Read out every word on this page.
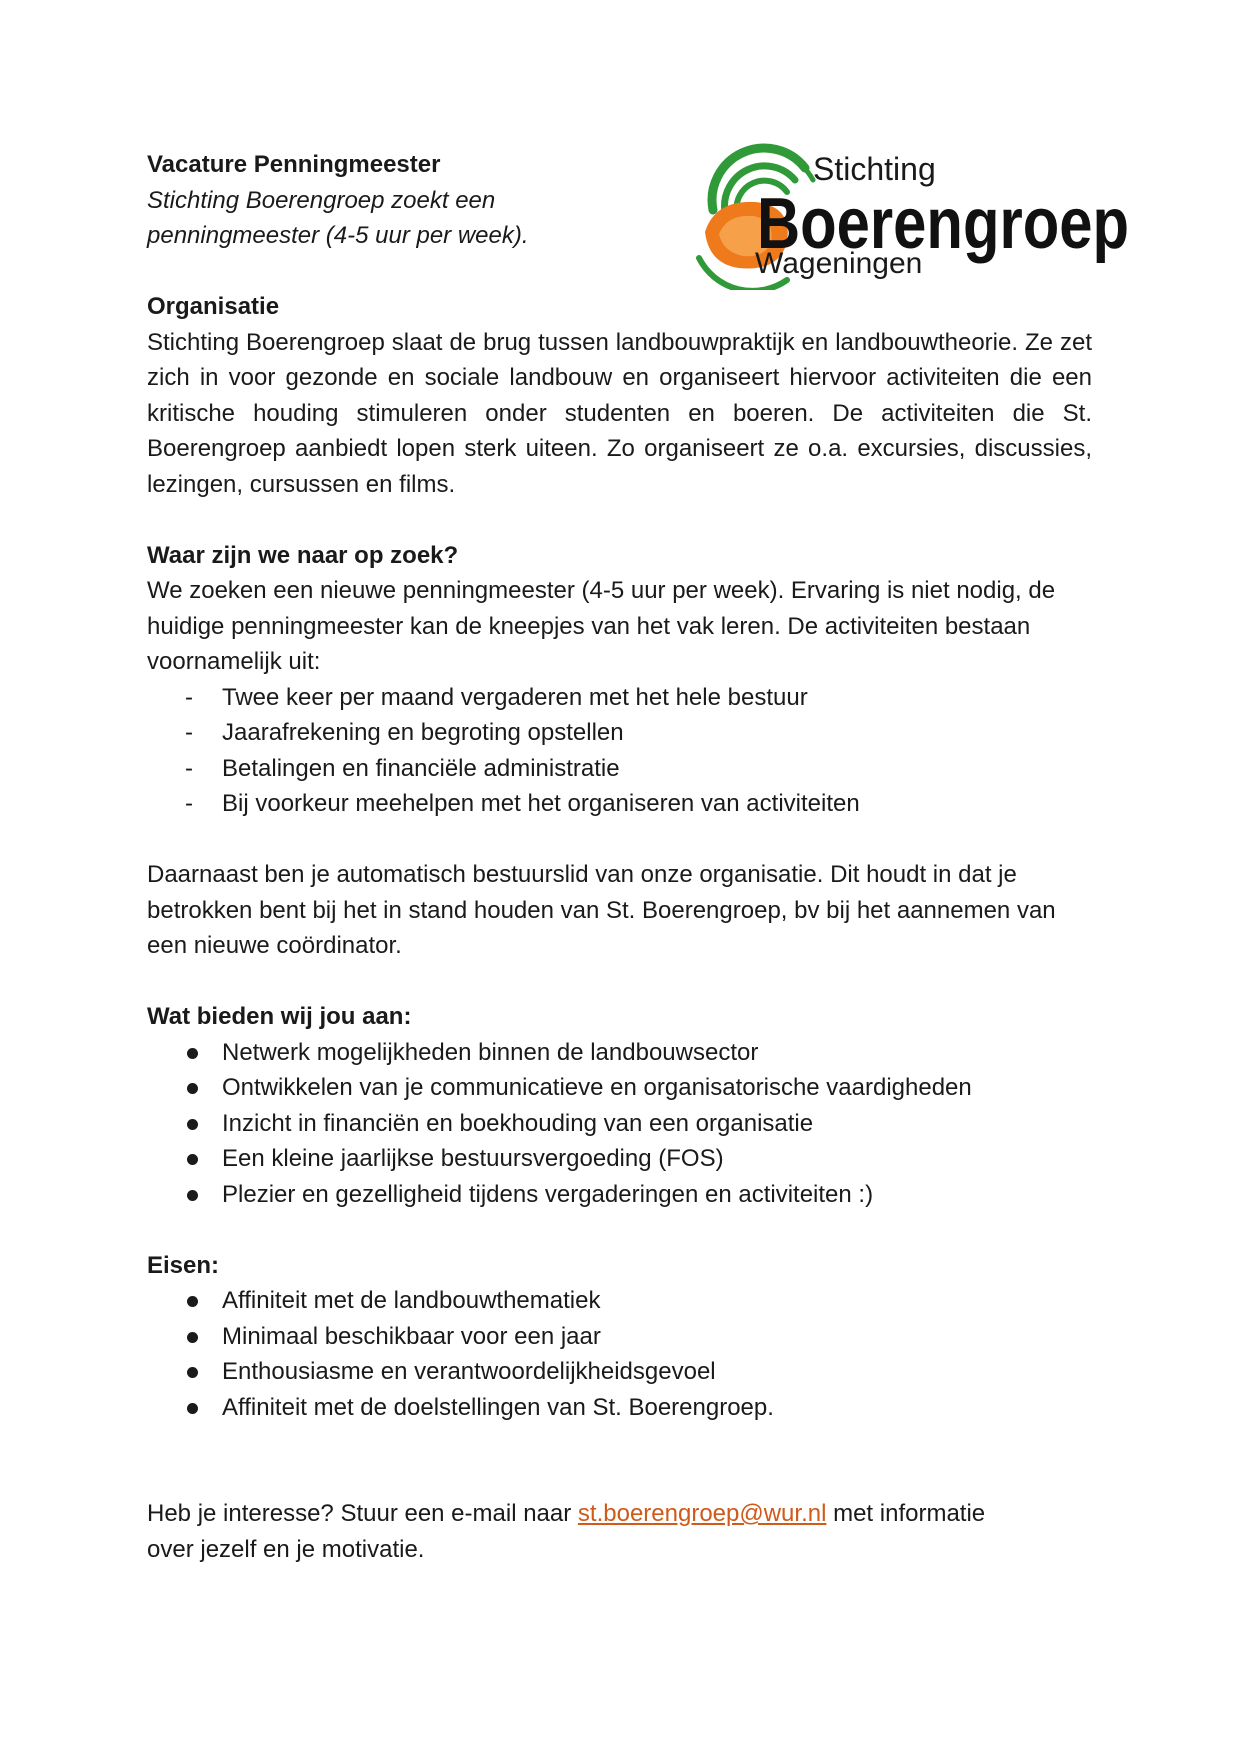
Stichting
Boerengroep
Wageningen

Vacature Penningmeester

Stichting Boerengroep zoekt een

penningmeester (4-5 uur per week).

Organisatie

Stichting Boerengroep slaat de brug tussen landbouwpraktijk en landbouwtheorie. Ze zet zich in voor gezonde en sociale landbouw en organiseert hiervoor activiteiten die een kritische houding stimuleren onder studenten en boeren. De activiteiten die St. Boerengroep aanbiedt lopen sterk uiteen. Zo organiseert ze o.a. excursies, discussies, lezingen, cursussen en films.

Waar zijn we naar op zoek?

We zoeken een nieuwe penningmeester (4-5 uur per week). Ervaring is niet nodig, de huidige penningmeester kan de kneepjes van het vak leren. De activiteiten bestaan voornamelijk uit:

- Twee keer per maand vergaderen met het hele bestuur
- Jaarafrekening en begroting opstellen
- Betalingen en financiële administratie
- Bij voorkeur meehelpen met het organiseren van activiteiten

Daarnaast ben je automatisch bestuurslid van onze organisatie. Dit houdt in dat je betrokken bent bij het in stand houden van St. Boerengroep, bv bij het aannemen van een nieuwe coördinator.

Wat bieden wij jou aan:

Netwerk mogelijkheden binnen de landbouwsector
Ontwikkelen van je communicatieve en organisatorische vaardigheden
Inzicht in financiën en boekhouding van een organisatie
Een kleine jaarlijkse bestuursvergoeding (FOS)
Plezier en gezelligheid tijdens vergaderingen en activiteiten :)

Eisen:

Affiniteit met de landbouwthematiek
Minimaal beschikbaar voor een jaar
Enthousiasme en verantwoordelijkheidsgevoel
Affiniteit met de doelstellingen van St. Boerengroep.

Heb je interesse? Stuur een e-mail naar st.boerengroep@wur.nl met informatie

over jezelf en je motivatie.
